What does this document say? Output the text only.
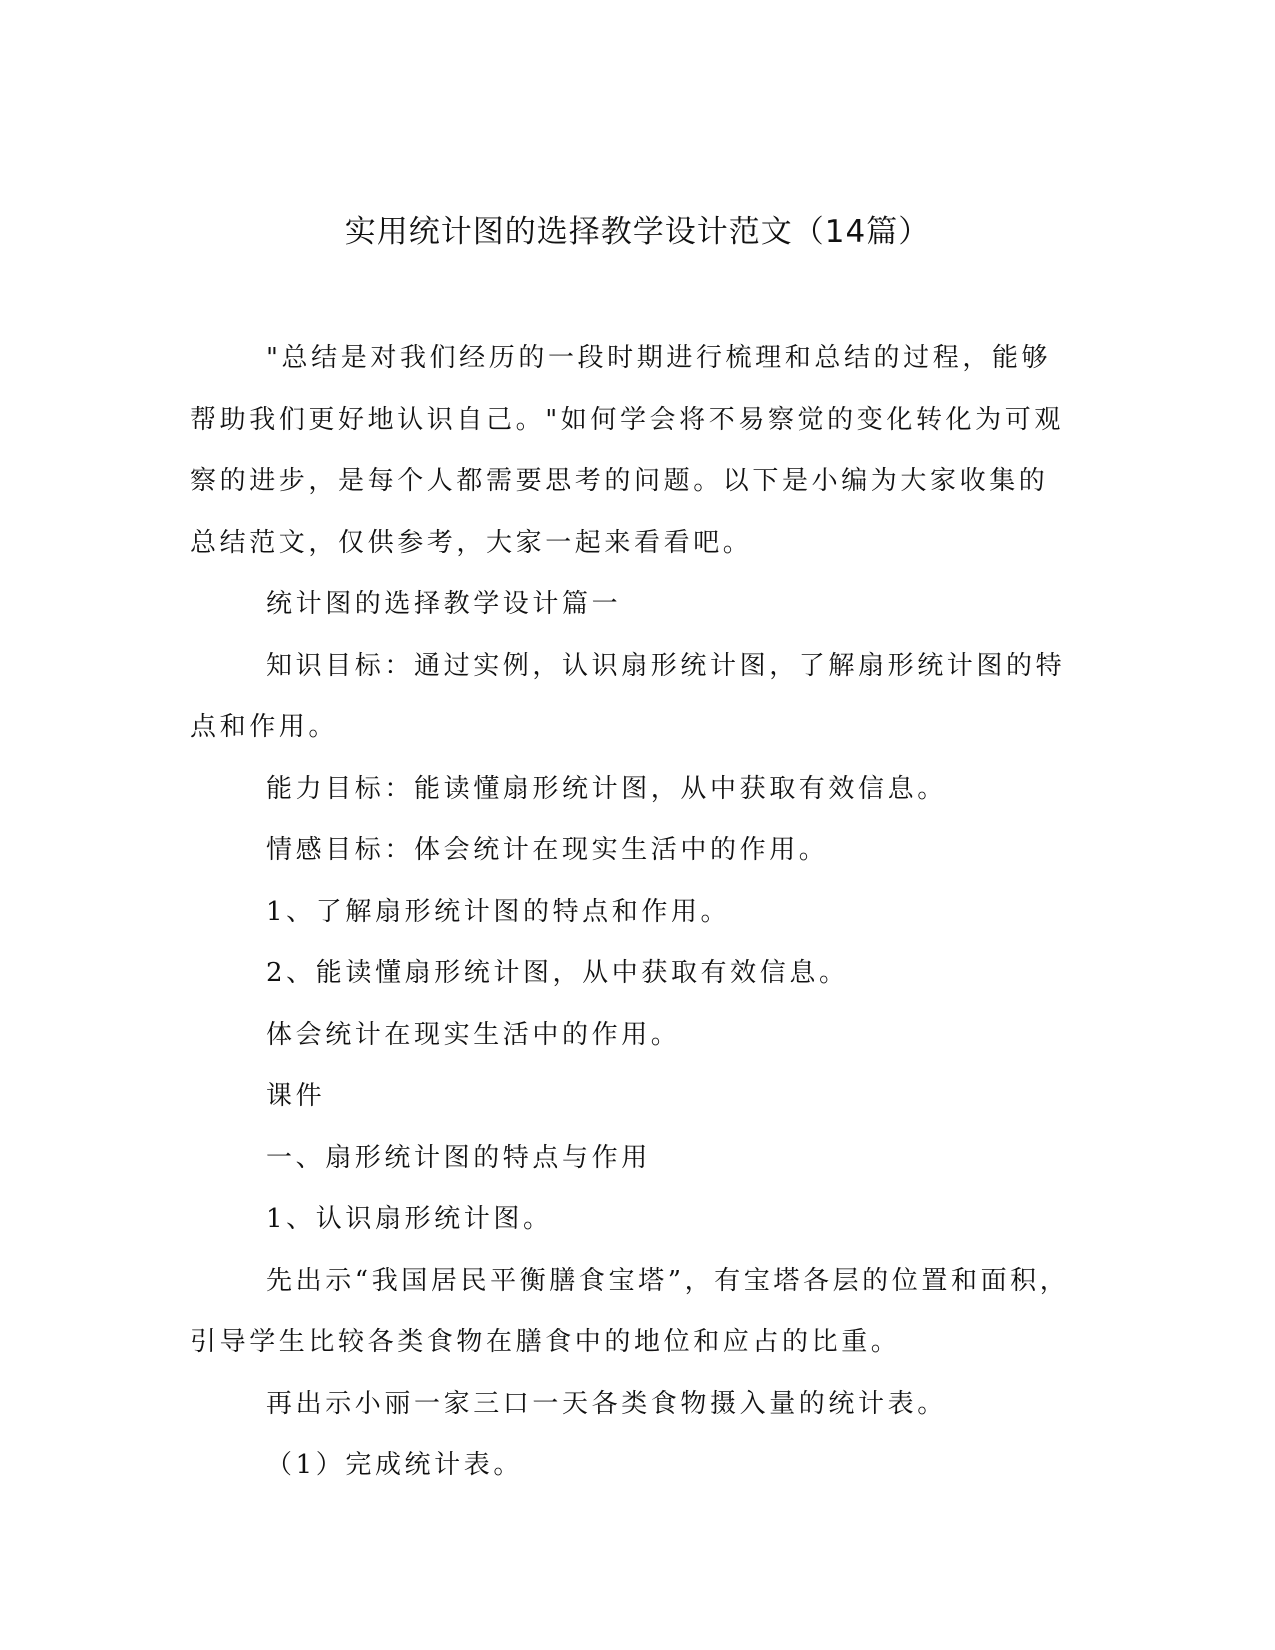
实用统计图的选择教学设计范文（14篇）

"总结是对我们经历的一段时期进行梳理和总结的过程，能够帮助我们更好地认识自己。"如何学会将不易察觉的变化转化为可观察的进步，是每个人都需要思考的问题。以下是小编为大家收集的总结范文，仅供参考，大家一起来看看吧。

统计图的选择教学设计篇一

知识目标：通过实例，认识扇形统计图，了解扇形统计图的特点和作用。

能力目标：能读懂扇形统计图，从中获取有效信息。

情感目标：体会统计在现实生活中的作用。

1、了解扇形统计图的特点和作用。

2、能读懂扇形统计图，从中获取有效信息。

体会统计在现实生活中的作用。

课件

一、扇形统计图的特点与作用

1、认识扇形统计图。

先出示“我国居民平衡膳食宝塔”，有宝塔各层的位置和面积，引导学生比较各类食物在膳食中的地位和应占的比重。

再出示小丽一家三口一天各类食物摄入量的统计表。

（1）完成统计表。
